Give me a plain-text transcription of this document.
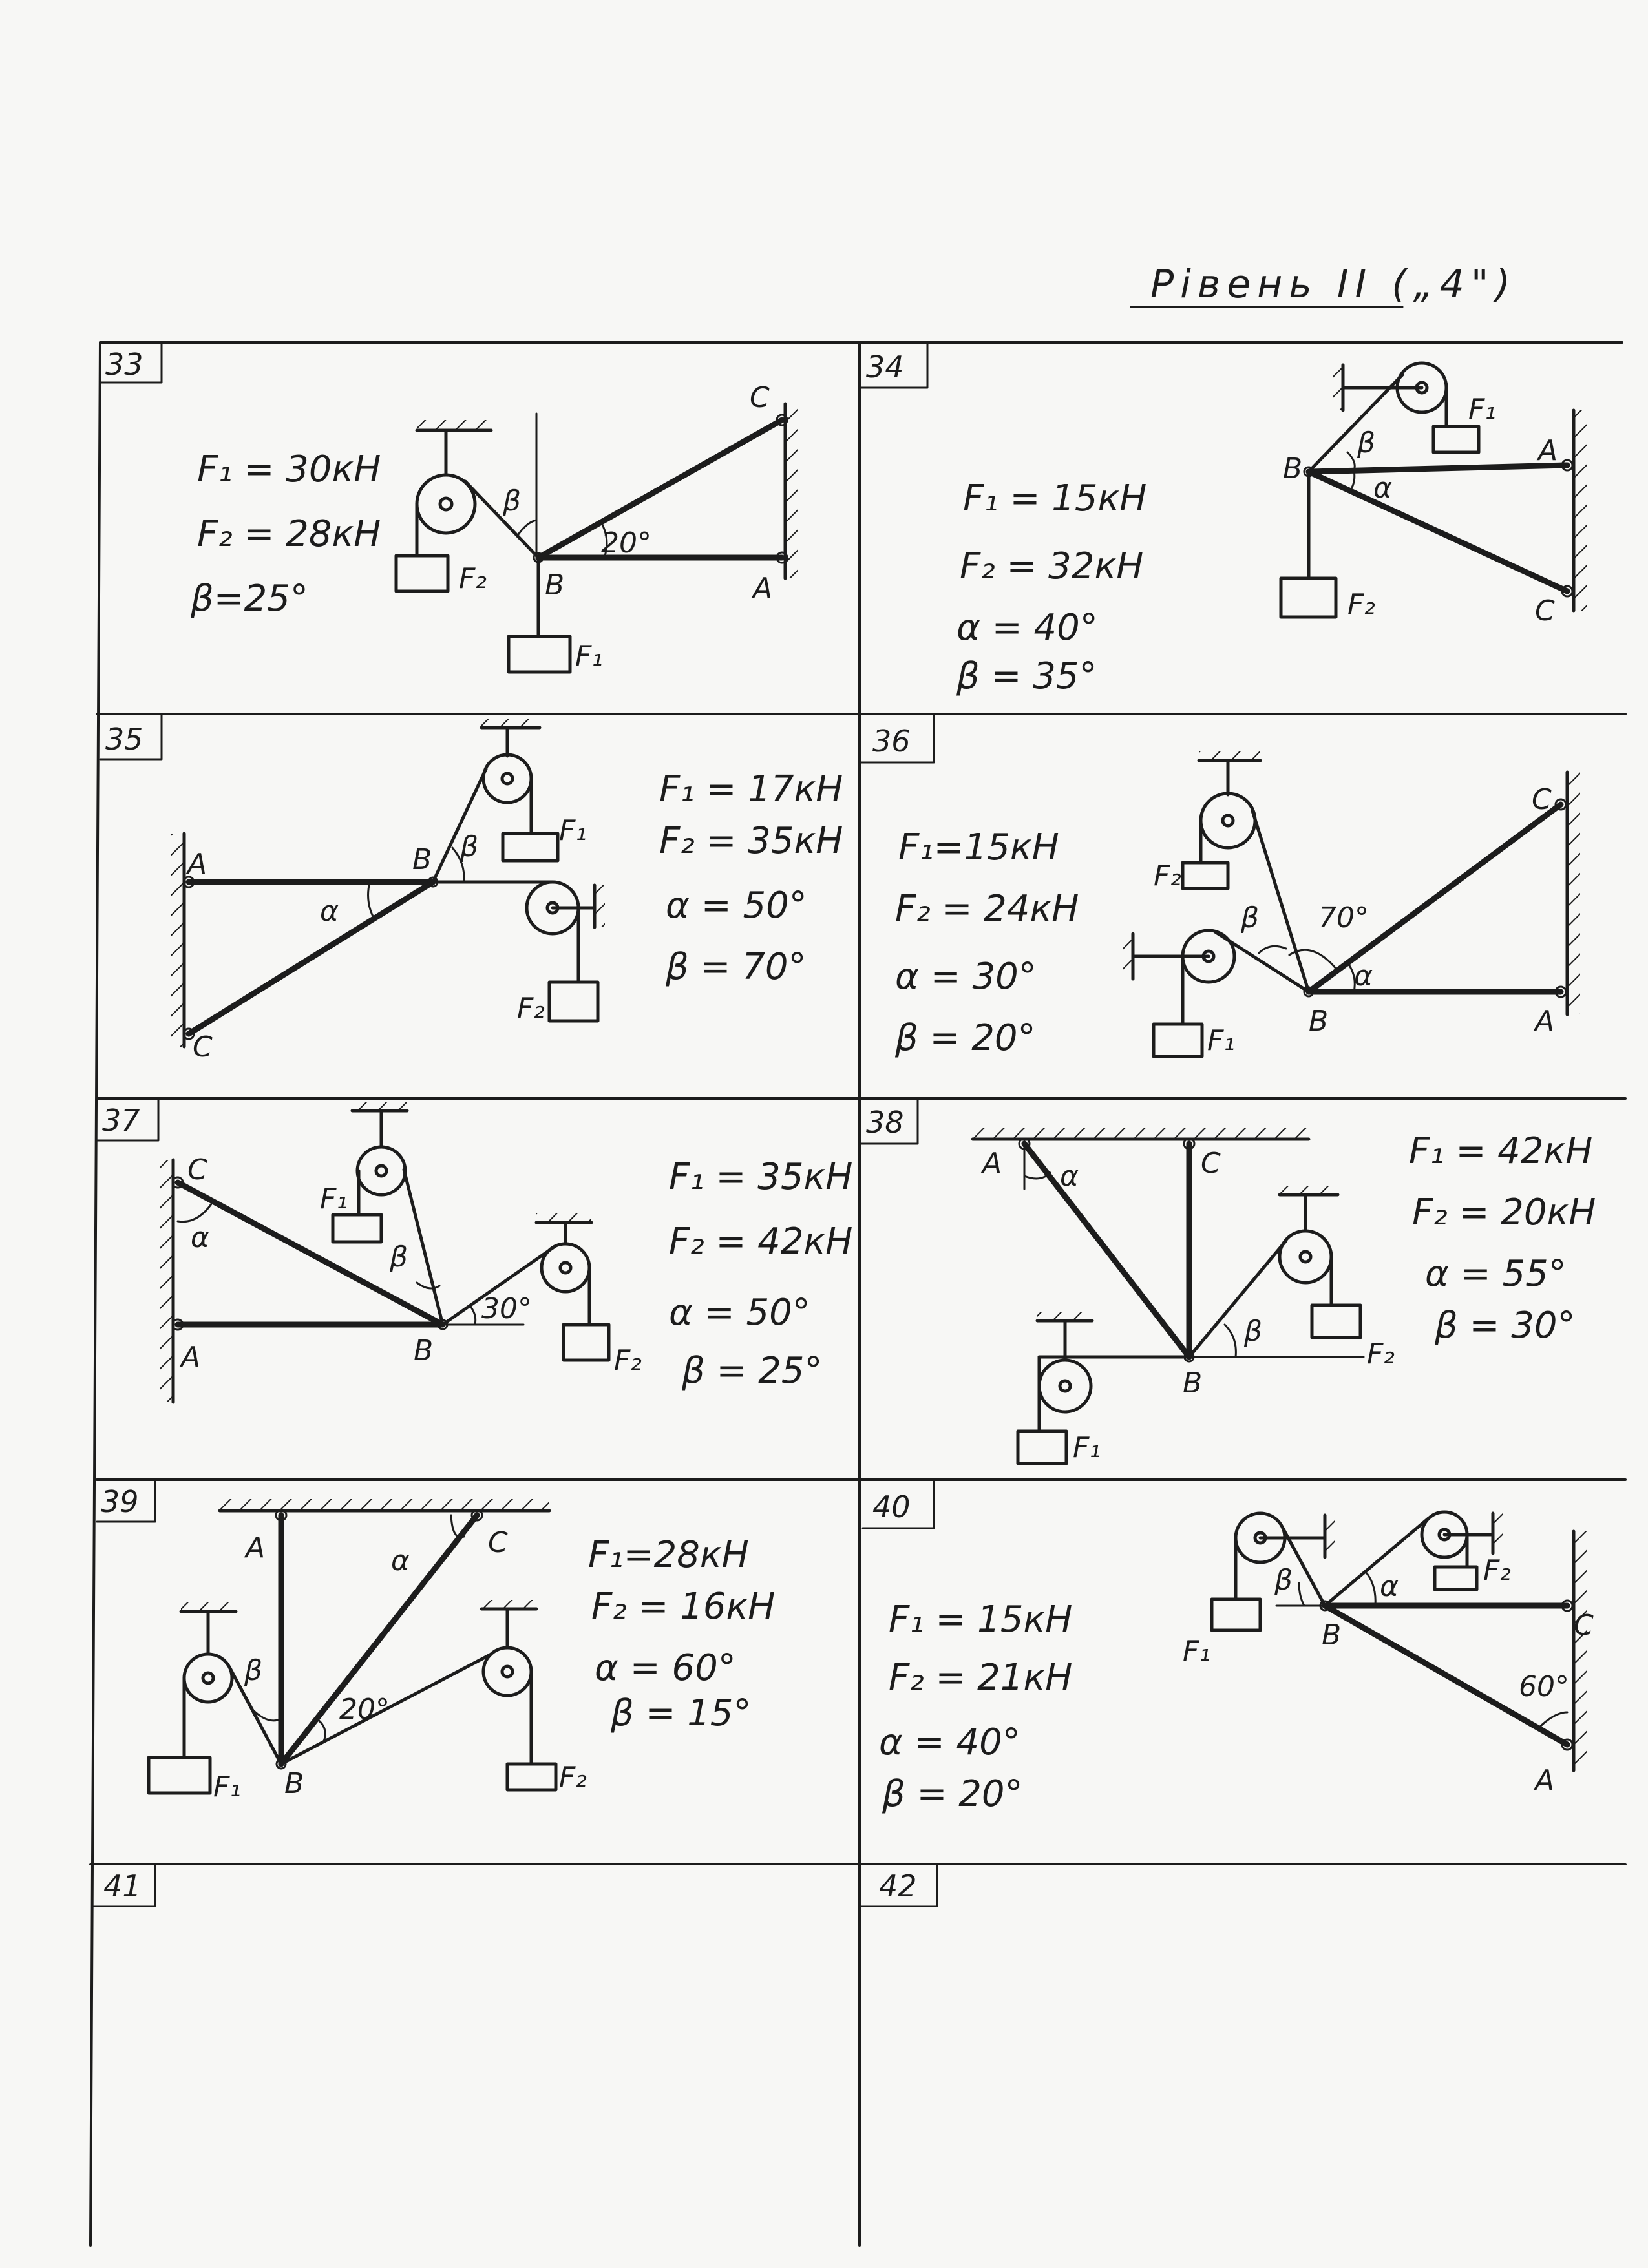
Рівень ІІ („4")
33	34
35	36
37	38
39	40
41	42
F₁ = 30кН
F₂ = 28кН
β=25°
C
A
B
F₁
F₂
β
20°
F₁ = 15кН
F₂ = 32кН
α = 40°
β = 35°
A
B
C
F₁
F₂
α
β
F₁ = 17кН
F₂ = 35кН
α = 50°
β = 70°
A	B
C
F₁
F₂
α
β	F₁=15кН
F₂ = 24кН
α = 30°
β = 20°
C
A
B
F₁
F₂
α
β 70°
F₁ = 35кН
F₂ = 42кН
α = 50°
β = 25°
C
A	B
F₁
F₂
α
β
30°
F₁ = 42кН
F₂ = 20кН
α = 55°
β = 30°
A	C
B
F₁
F₂
α
β
F₁=28кН
F₂ = 16кН
α = 60°
β = 15°
A	C
B
F₁	F₂
α
β
20°
F₁ = 15кН
F₂ = 21кН
α = 40°
β = 20°
C
A
B
F₁
F₂
α
β
60°
